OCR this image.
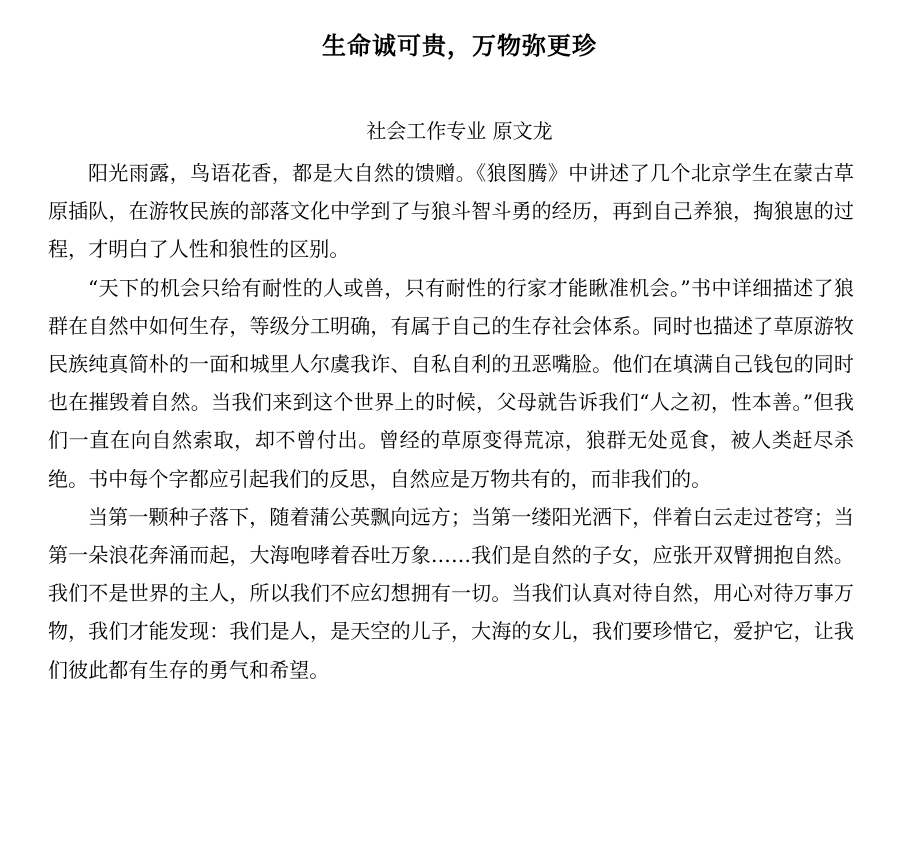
生命诚可贵，万物弥更珍
社会工作专业 原文龙

阳光雨露，鸟语花香，都是大自然的馈赠。《狼图腾》中讲述了几个北京学生在蒙古草原插队，在游牧民族的部落文化中学到了与狼斗智斗勇的经历，再到自己养狼，掏狼崽的过程，才明白了人性和狼性的区别。

“天下的机会只给有耐性的人或兽，只有耐性的行家才能瞅准机会。”书中详细描述了狼群在自然中如何生存，等级分工明确，有属于自己的生存社会体系。同时也描述了草原游牧民族纯真简朴的一面和城里人尔虞我诈、自私自利的丑恶嘴脸。他们在填满自己钱包的同时也在摧毁着自然。当我们来到这个世界上的时候，父母就告诉我们“人之初，性本善。”但我们一直在向自然索取，却不曾付出。曾经的草原变得荒凉，狼群无处觅食，被人类赶尽杀绝。书中每个字都应引起我们的反思，自然应是万物共有的，而非我们的。

当第一颗种子落下，随着蒲公英飘向远方；当第一缕阳光洒下，伴着白云走过苍穹；当第一朵浪花奔涌而起，大海咆哮着吞吐万象……我们是自然的子女，应张开双臂拥抱自然。我们不是世界的主人，所以我们不应幻想拥有一切。当我们认真对待自然，用心对待万事万物，我们才能发现：我们是人，是天空的儿子，大海的女儿，我们要珍惜它，爱护它，让我们彼此都有生存的勇气和希望。
